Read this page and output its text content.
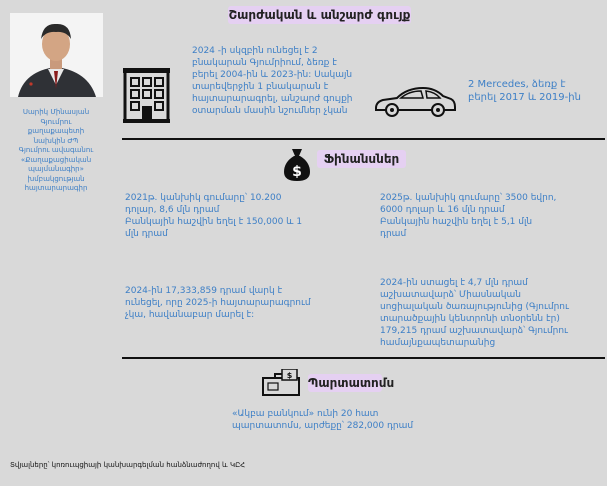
Սարիկ Մինասյան
Գյումրու
քաղաքապետի
նախկին ԺՊ
Գյումրու ավագանու
«Քաղաքացիական
պայմանագիր»
խմբակցության
հայտարարագիր
Շարժական և անշարժ գույք
2024 -ի սկզբին ունեցել է 2 բնակարան Գյումրիում, ձեռք է բերել 2004-ին և 2023-ին: Սակայն տարեվերջին 1 բնակարան է հայտարարագրել, անշարժ գույքի օտարման մասին նշումներ չկան
2 Mercedes, ձեռք է բերել 2017 և 2019-ին
$
Ֆինանսներ
2021թ. կանխիկ գումարը՝ 10.200 դոլար, 8,6 մլն դրամ
Բանկային հաշվին եղել է 150,000 և 1 մլն դրամ
2025թ. կանխիկ գումարը՝ 3500 եվրո, 6000 դոլար և 16 մլն դրամ
Բանկային հաշվին եղել է 5,1 մլն դրամ
2024-ին 17,333,859 դրամ վարկ է ունեցել, որը 2025-ի հայտարարագրում չկա, հավանաբար մարել է:
2024-ին ստացել է 4,7 մլն դրամ աշխատավարձ՝ Միասնական սոցիալական ծառայությունից (Գյումրու տարածքային կենտրոնի տնօրենն էր) 179,215 դրամ աշխատավարձ՝ Գյումրու համայնքապետարանից
$
Պարտատոմս
«Ակբա բանկում» ունի 20 հատ պարտատոմս, արժեքը՝ 282,000 դրամ
Տվյալները՝ կոռուպցիայի կանխարգելման հանձնաժողով և ԿԸՀ
